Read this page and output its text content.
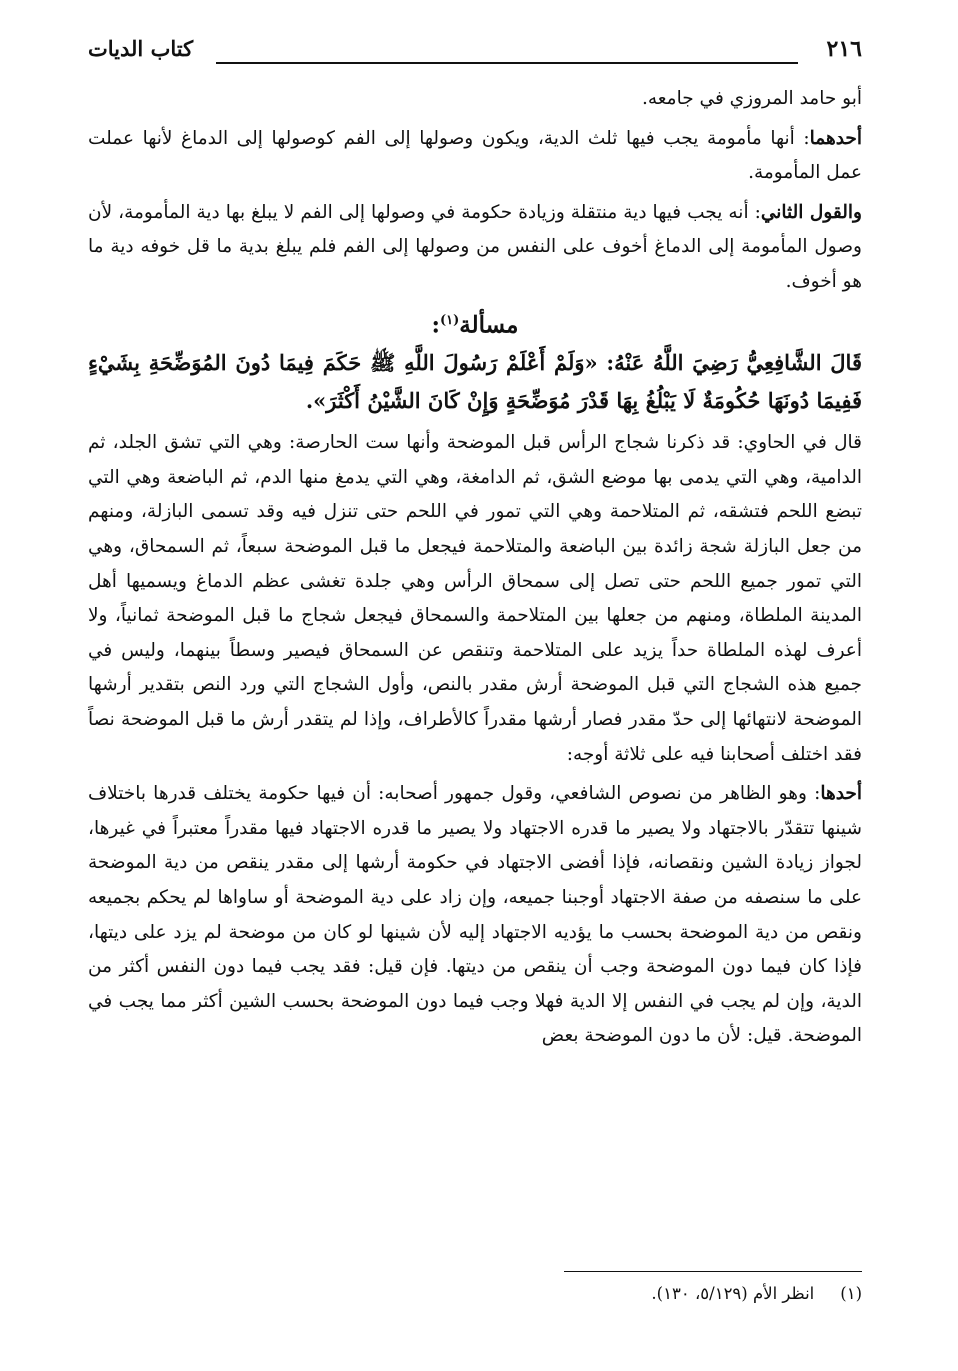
٢١٦
كتاب الديات

أبو حامد المروزي في جامعه.

أحدهما: أنها مأمومة يجب فيها ثلث الدية، ويكون وصولها إلى الفم كوصولها إلى الدماغ لأنها عملت عمل المأمومة.

والقول الثاني: أنه يجب فيها دية منتقلة وزيادة حكومة في وصولها إلى الفم لا يبلغ بها دية المأمومة، لأن وصول المأمومة إلى الدماغ أخوف على النفس من وصولها إلى الفم فلم يبلغ بدية ما قل خوفه دية ما هو أخوف.

مسألة$^{(١)}$:

قَالَ الشَّافِعِيُّ رَضِيَ اللَّهُ عَنْهُ: «وَلَمْ أَعْلَمْ رَسُولَ اللَّهِ ﷺ حَكَمَ فِيمَا دُونَ المُوَضِّحَةِ بِشَيْءٍ فَفِيمَا دُونَهَا حُكُومَةٌ لَا يَبْلُغُ بِهَا قَدْرَ مُوَضِّحَةٍ وَإِنْ كَانَ الشَّيْنُ أَكْثَرَ».

قال في الحاوي: قد ذكرنا شجاج الرأس قبل الموضحة وأنها ست الحارصة: وهي التي تشق الجلد، ثم الدامية، وهي التي يدمى بها موضع الشق، ثم الدامغة، وهي التي يدمغ منها الدم، ثم الباضعة وهي التي تبضع اللحم فتشقه، ثم المتلاحمة وهي التي تمور في اللحم حتى تنزل فيه وقد تسمى البازلة، ومنهم من جعل البازلة شجة زائدة بين الباضعة والمتلاحمة فيجعل ما قبل الموضحة سبعاً، ثم السمحاق، وهي التي تمور جميع اللحم حتى تصل إلى سمحاق الرأس وهي جلدة تغشى عظم الدماغ ويسميها أهل المدينة الملطاة، ومنهم من جعلها بين المتلاحمة والسمحاق فيجعل شجاج ما قبل الموضحة ثمانياً، ولا أعرف لهذه الملطاة حداً يزيد على المتلاحمة وتنقص عن السمحاق فيصير وسطاً بينهما، وليس في جميع هذه الشجاج التي قبل الموضحة أرش مقدر بالنص، وأول الشجاج التي ورد النص بتقدير أرشها الموضحة لانتهائها إلى حدّ مقدر فصار أرشها مقدراً كالأطراف، وإذا لم يتقدر أرش ما قبل الموضحة نصاً فقد اختلف أصحابنا فيه على ثلاثة أوجه:

أحدها: وهو الظاهر من نصوص الشافعي، وقول جمهور أصحابه: أن فيها حكومة يختلف قدرها باختلاف شينها تتقدّر بالاجتهاد ولا يصير ما قدره الاجتهاد ولا يصير ما قدره الاجتهاد فيها مقدراً معتبراً في غيرها، لجواز زيادة الشين ونقصانه، فإذا أفضى الاجتهاد في حكومة أرشها إلى مقدر ينقص من دية الموضحة على ما سنصفه من صفة الاجتهاد أوجبنا جميعه، وإن زاد على دية الموضحة أو ساواها لم يحكم بجميعه ونقص من دية الموضحة بحسب ما يؤديه الاجتهاد إليه لأن شينها لو كان من موضحة لم يزد على ديتها، فإذا كان فيما دون الموضحة وجب أن ينقص من ديتها. فإن قيل: فقد يجب فيما دون النفس أكثر من الدية، وإن لم يجب في النفس إلا الدية فهلا وجب فيما دون الموضحة بحسب الشين أكثر مما يجب في الموضحة. قيل: لأن ما دون الموضحة بعض

(١)انظر الأم (٥/١٢٩، ١٣٠).
